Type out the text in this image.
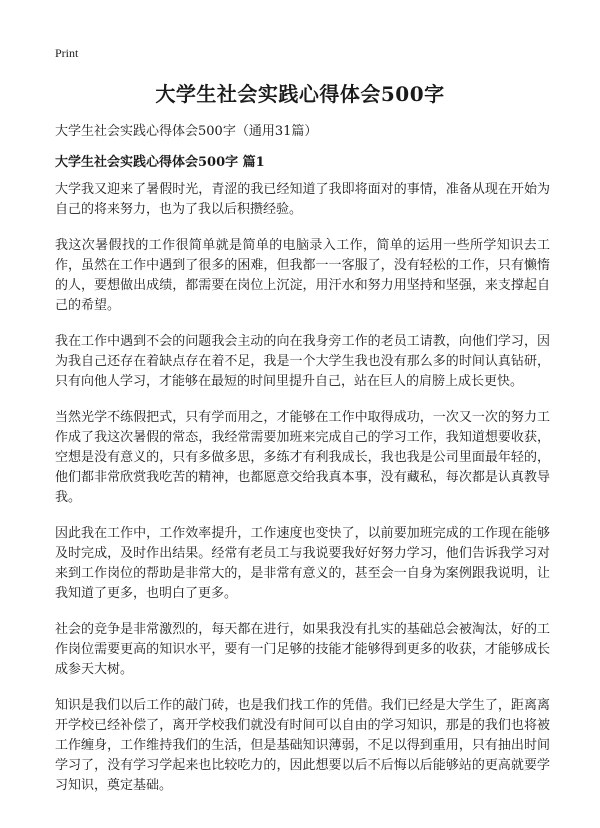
Print
大学生社会实践心得体会500字

大学生社会实践心得体会500字（通用31篇）

大学生社会实践心得体会500字 篇1

大学我又迎来了暑假时光，青涩的我已经知道了我即将面对的事情，准备从现在开始为自己的将来努力，也为了我以后积攒经验。

我这次暑假找的工作很简单就是简单的电脑录入工作，简单的运用一些所学知识去工作，虽然在工作中遇到了很多的困难，但我都一一客服了，没有轻松的工作，只有懒惰的人，要想做出成绩，都需要在岗位上沉淀，用汗水和努力用坚持和坚强，来支撑起自己的希望。

我在工作中遇到不会的问题我会主动的向在我身旁工作的老员工请教，向他们学习，因为我自己还存在着缺点存在着不足，我是一个大学生我也没有那么多的时间认真钻研，只有向他人学习，才能够在最短的时间里提升自己，站在巨人的肩膀上成长更快。

当然光学不练假把式，只有学而用之，才能够在工作中取得成功，一次又一次的努力工作成了我这次暑假的常态，我经常需要加班来完成自己的学习工作，我知道想要收获，空想是没有意义的，只有多做多思，多练才有利我成长，我也我是公司里面最年轻的，他们都非常欣赏我吃苦的精神，也都愿意交给我真本事，没有藏私，每次都是认真教导我。

因此我在工作中，工作效率提升，工作速度也变快了，以前要加班完成的工作现在能够及时完成，及时作出结果。经常有老员工与我说要我好好努力学习，他们告诉我学习对来到工作岗位的帮助是非常大的，是非常有意义的，甚至会一自身为案例跟我说明，让我知道了更多，也明白了更多。

社会的竞争是非常激烈的，每天都在进行，如果我没有扎实的基础总会被淘汰，好的工作岗位需要更高的知识水平，要有一门足够的技能才能够得到更多的收获，才能够成长成参天大树。

知识是我们以后工作的敲门砖，也是我们找工作的凭借。我们已经是大学生了，距离离开学校已经补偿了，离开学校我们就没有时间可以自由的学习知识，那是的我们也将被工作缠身，工作维持我们的生活，但是基础知识薄弱，不足以得到重用，只有抽出时间学习了，没有学习学起来也比较吃力的，因此想要以后不后悔以后能够站的更高就要学习知识，奠定基础。
